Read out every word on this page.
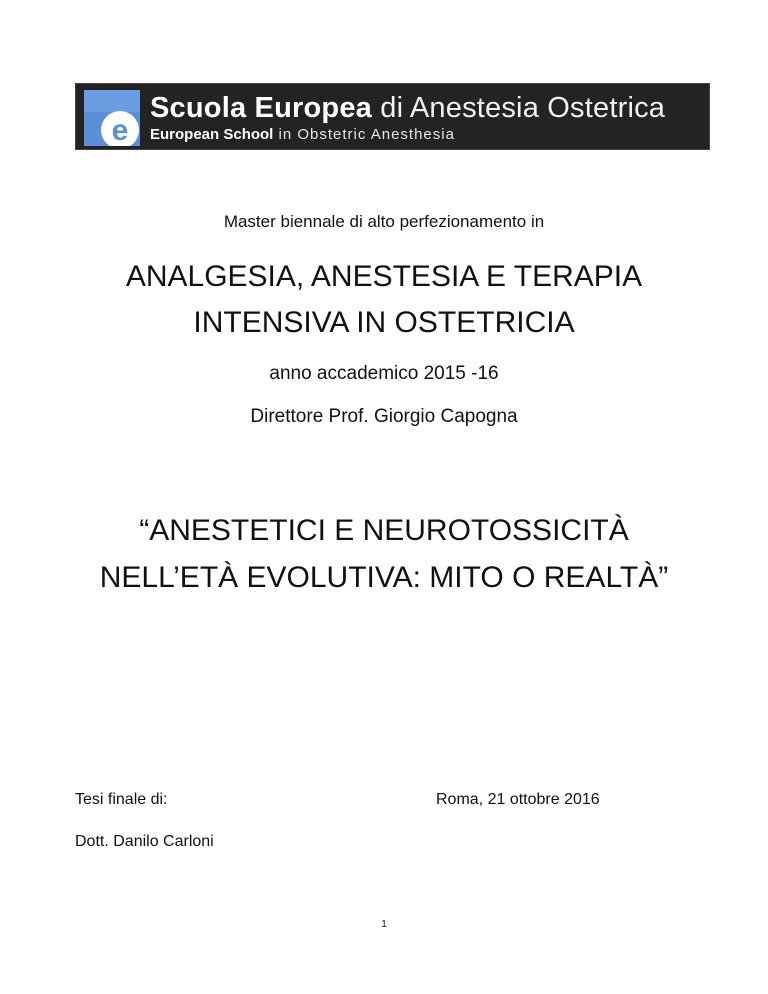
e
Scuola Europea di Anestesia Ostetrica
European School in Obstetric Anesthesia
Master biennale di alto perfezionamento in
ANALGESIA, ANESTESIA E TERAPIA
INTENSIVA IN OSTETRICIA
anno accademico 2015 -16
Direttore Prof. Giorgio Capogna
“ANESTETICI E NEUROTOSSICITÀ
NELL’ETÀ EVOLUTIVA: MITO O REALTÀ”
Tesi finale di:	Roma, 21 ottobre 2016
Dott. Danilo Carloni
1
